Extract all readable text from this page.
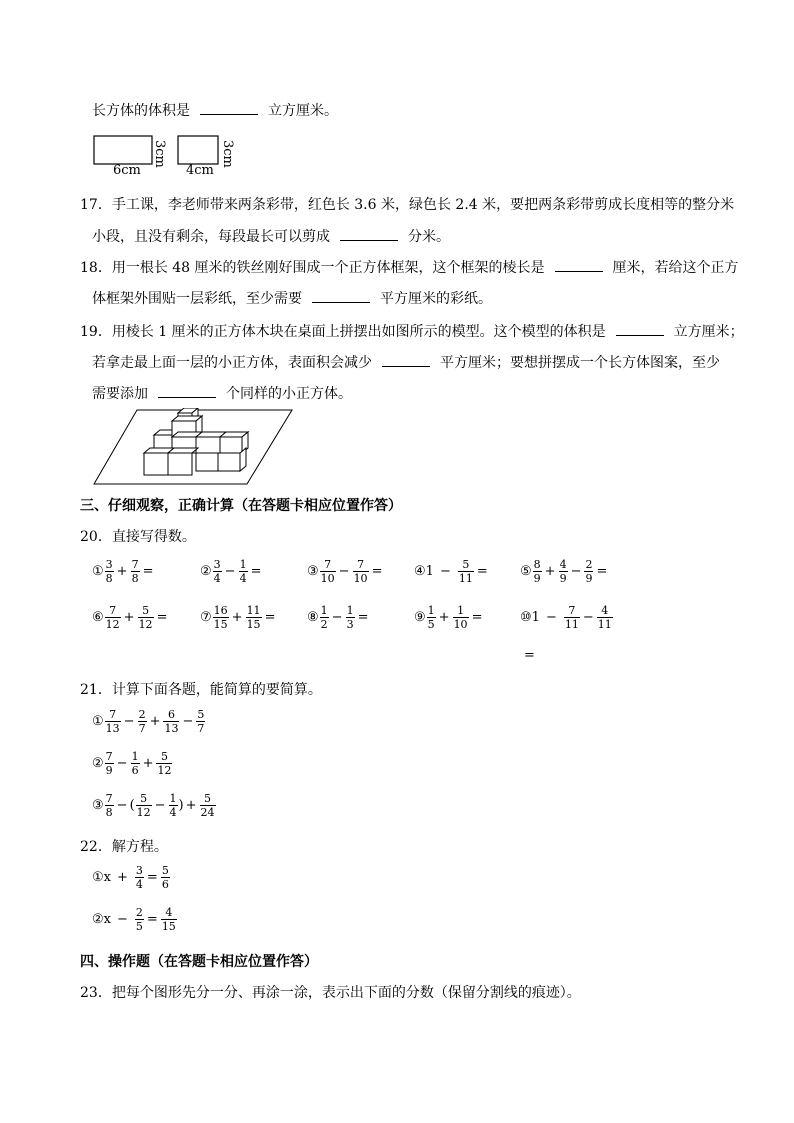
长方体的体积是	立方厘米。
6cm	4cm
3cm	3cm
17．手工课，李老师带来两条彩带，红色长 3.6 米，绿色长 2.4 米，要把两条彩带剪成长度相等的整分米
小段，且没有剩余，每段最长可以剪成	分米。
18．用一根长 48 厘米的铁丝刚好围成一个正方体框架，这个框架的棱长是	厘米，若给这个正方
体框架外围贴一层彩纸，至少需要	平方厘米的彩纸。
19．用棱长 1 厘米的正方体木块在桌面上拼摆出如图所示的模型。这个模型的体积是	立方厘米；
若拿走最上面一层的小正方体，表面积会减少	平方厘米；要想拼摆成一个长方体图案，至少
需要添加	个同样的小正方体。
三、仔细观察，正确计算（在答题卡相应位置作答）
20．直接写得数。
① $\frac{3}{8} + \frac{7}{8}$ =	② $\frac{3}{4} - \frac{1}{4}$ =	③ $\frac{7}{10} - \frac{7}{10}$ = ④ $1 - \frac{5}{11}$ = ⑤ $\frac{8}{9} + \frac{4}{9} - \frac{2}{9}$ =
⑥ $\frac{7}{12} + \frac{5}{12}$ =	⑦ $\frac{16}{15} + \frac{11}{15}$ = ⑧ $\frac{1}{2} - \frac{1}{3}$ =	⑨ $\frac{1}{5} + \frac{1}{10}$ =	⑩ $1 - \frac{7}{11} - \frac{4}{11}$
=
21．计算下面各题，能简算的要简算。
① $\frac{7}{13} - \frac{2}{7} + \frac{6}{13} - \frac{5}{7}$
② $\frac{7}{9} - \frac{1}{6} + \frac{5}{12}$
③ $\frac{7}{8}$ − ( $\frac{5}{12} - \frac{1}{4}$ ) + $\frac{5}{24}$
22．解方程。
① $x + \frac{3}{4} = \frac{5}{6}$
② $x - \frac{2}{5} = \frac{4}{15}$
四、操作题（在答题卡相应位置作答）
23．把每个图形先分一分、再涂一涂，表示出下面的分数（保留分割线的痕迹）。
